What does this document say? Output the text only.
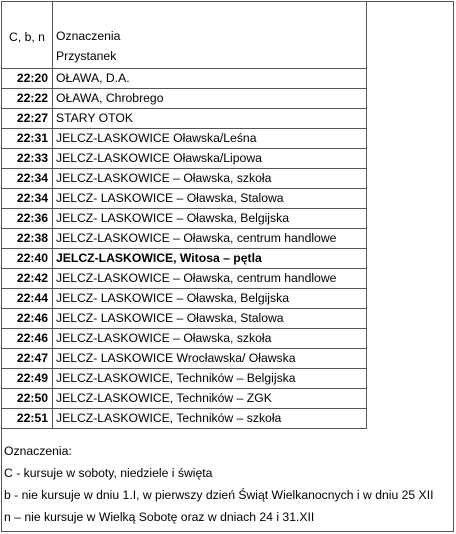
C, b, n	Oznaczenia
Przystanek

22:20	OŁAWA, D.A.
22:22	OŁAWA, Chrobrego
22:27	STARY OTOK
22:31	JELCZ-LASKOWICE Oławska/Leśna
22:33	JELCZ-LASKOWICE Oławska/Lipowa
22:34	JELCZ-LASKOWICE – Oławska, szkoła
22:34	JELCZ- LASKOWICE – Oławska, Stalowa
22:36	JELCZ- LASKOWICE – Oławska, Belgijska
22:38	JELCZ-LASKOWICE – Oławska, centrum handlowe
22:40	JELCZ-LASKOWICE, Witosa – pętla
22:42	JELCZ-LASKOWICE – Oławska, centrum handlowe
22:44	JELCZ- LASKOWICE – Oławska, Belgijska
22:46	JELCZ- LASKOWICE – Oławska, Stalowa
22:46	JELCZ-LASKOWICE – Oławska, szkoła
22:47	JELCZ- LASKOWICE Wrocławska/ Oławska
22:49	JELCZ-LASKOWICE, Techników – Belgijska
22:50	JELCZ-LASKOWICE, Techników – ZGK
22:51	JELCZ-LASKOWICE, Techników – szkoła
Oznaczenia:
C - kursuje w soboty, niedziele i święta
b - nie kursuje w dniu 1.I, w pierwszy dzień Świąt Wielkanocnych i w dniu 25 XII
n – nie kursuje w Wielką Sobotę oraz w dniach 24 i 31.XII
